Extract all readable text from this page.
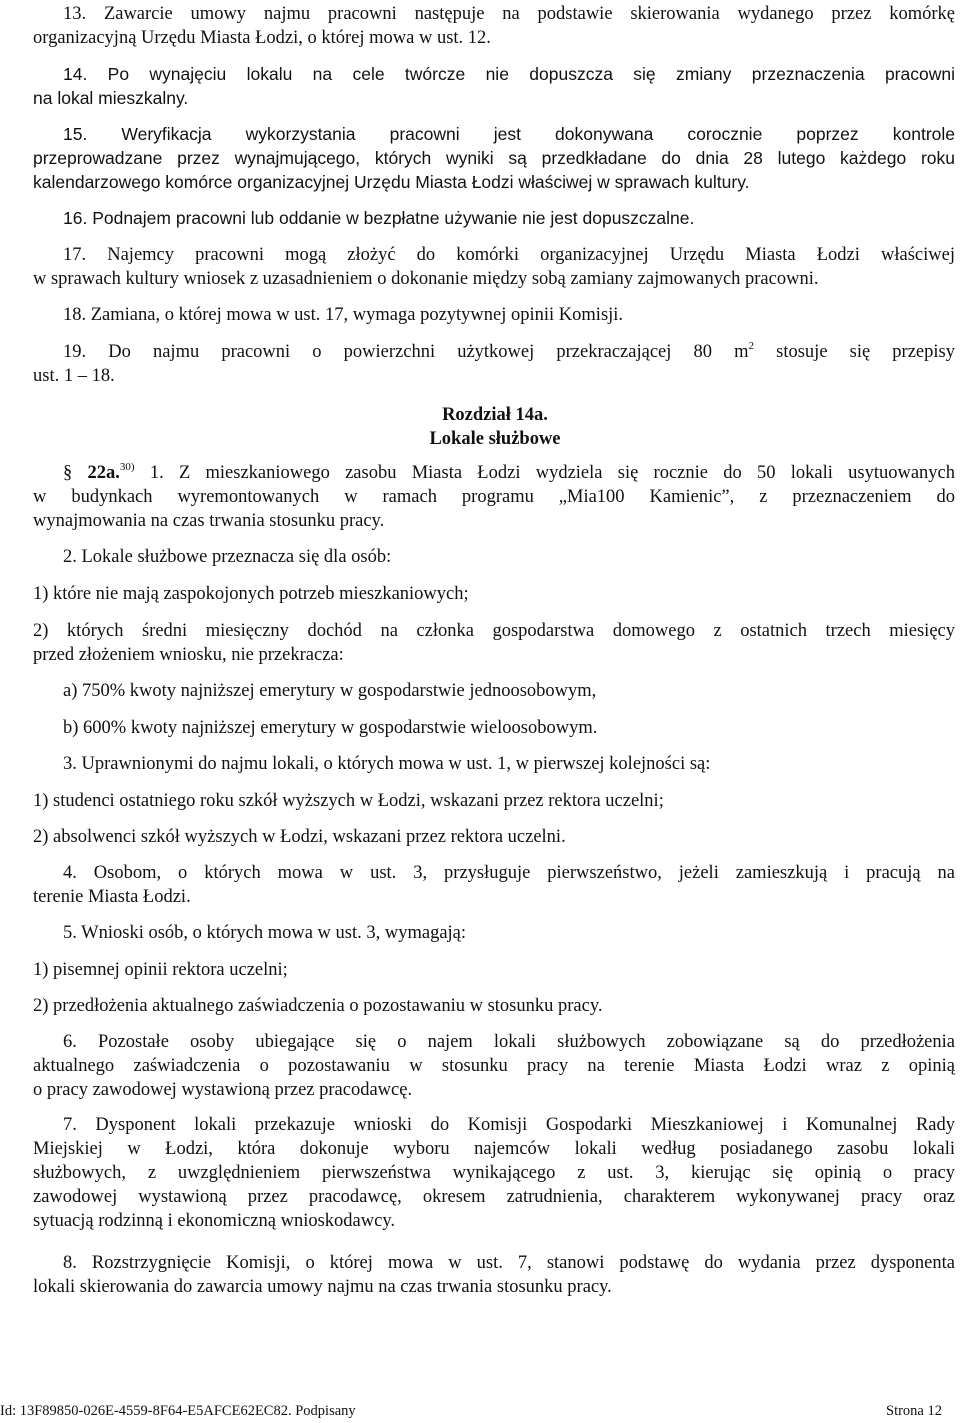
13. Zawarcie umowy najmu pracowni następuje na podstawie skierowania wydanego przez komórkę
organizacyjną Urzędu Miasta Łodzi, o której mowa w ust. 12.

14. Po wynajęciu lokalu na cele twórcze nie dopuszcza się zmiany przeznaczenia pracowni
na lokal mieszkalny.

15. Weryfikacja wykorzystania pracowni jest dokonywana corocznie poprzez kontrole
przeprowadzane przez wynajmującego, których wyniki są przedkładane do dnia 28 lutego każdego roku
kalendarzowego komórce organizacyjnej Urzędu Miasta Łodzi właściwej w sprawach kultury.

16. Podnajem pracowni lub oddanie w bezpłatne używanie nie jest dopuszczalne.

17. Najemcy pracowni mogą złożyć do komórki organizacyjnej Urzędu Miasta Łodzi właściwej
w sprawach kultury wniosek z uzasadnieniem o dokonanie między sobą zamiany zajmowanych pracowni.

18. Zamiana, o której mowa w ust. 17, wymaga pozytywnej opinii Komisji.

19. Do najmu pracowni o powierzchni użytkowej przekraczającej 80 $m^2$ stosuje się przepisy
ust. 1 – 18.

Rozdział 14a.

Lokale służbowe

§ 22a.$^{30)}$ 1. Z mieszkaniowego zasobu Miasta Łodzi wydziela się rocznie do 50 lokali usytuowanych
w budynkach wyremontowanych w ramach programu „Mia100 Kamienic”, z przeznaczeniem do
wynajmowania na czas trwania stosunku pracy.

2. Lokale służbowe przeznacza się dla osób:

1) które nie mają zaspokojonych potrzeb mieszkaniowych;

2) których średni miesięczny dochód na członka gospodarstwa domowego z ostatnich trzech miesięcy
przed złożeniem wniosku, nie przekracza:

a) 750% kwoty najniższej emerytury w gospodarstwie jednoosobowym,

b) 600% kwoty najniższej emerytury w gospodarstwie wieloosobowym.

3. Uprawnionymi do najmu lokali, o których mowa w ust. 1, w pierwszej kolejności są:

1) studenci ostatniego roku szkół wyższych w Łodzi, wskazani przez rektora uczelni;

2) absolwenci szkół wyższych w Łodzi, wskazani przez rektora uczelni.

4. Osobom, o których mowa w ust. 3, przysługuje pierwszeństwo, jeżeli zamieszkują i pracują na
terenie Miasta Łodzi.

5. Wnioski osób, o których mowa w ust. 3, wymagają:

1) pisemnej opinii rektora uczelni;

2) przedłożenia aktualnego zaświadczenia o pozostawaniu w stosunku pracy.

6. Pozostałe osoby ubiegające się o najem lokali służbowych zobowiązane są do przedłożenia
aktualnego zaświadczenia o pozostawaniu w stosunku pracy na terenie Miasta Łodzi wraz z opinią
o pracy zawodowej wystawioną przez pracodawcę.

7. Dysponent lokali przekazuje wnioski do Komisji Gospodarki Mieszkaniowej i Komunalnej Rady
Miejskiej w Łodzi, która dokonuje wyboru najemców lokali według posiadanego zasobu lokali
służbowych, z uwzględnieniem pierwszeństwa wynikającego z ust. 3, kierując się opinią o pracy
zawodowej wystawioną przez pracodawcę, okresem zatrudnienia, charakterem wykonywanej pracy oraz
sytuacją rodzinną i ekonomiczną wnioskodawcy.

8. Rozstrzygnięcie Komisji, o której mowa w ust. 7, stanowi podstawę do wydania przez dysponenta
lokali skierowania do zawarcia umowy najmu na czas trwania stosunku pracy.

Id: 13F89850-026E-4559-8F64-E5AFCE62EC82. Podpisany	Strona 12
